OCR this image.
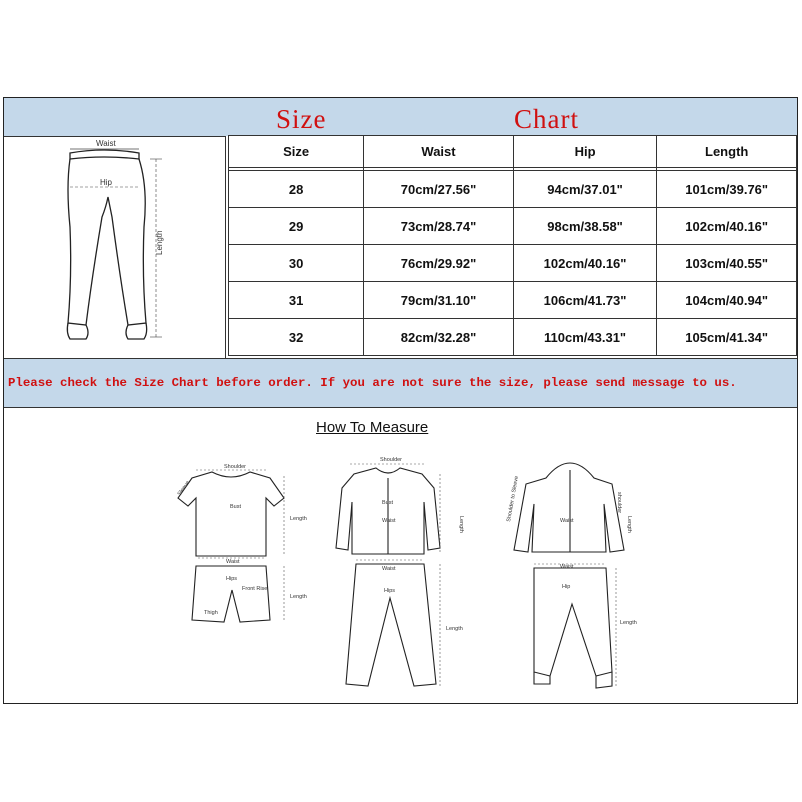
Size	Chart
Waist
Hip
Length
Size	Waist	Hip	Length

28	70cm/27.56"	94cm/37.01"	101cm/39.76"
29	73cm/28.74"	98cm/38.58"	102cm/40.16"
30	76cm/29.92"	102cm/40.16"	103cm/40.55"
31	79cm/31.10"	106cm/41.73"	104cm/40.94"
32	82cm/32.28"	110cm/43.31"	105cm/41.34"
Please check the Size Chart before order. If you are not sure the size, please send message to us.
How To Measure
Shoulder
Bust
Length
Waist
Hips
Front Rise
Thigh
Length
Shoulder
Bust
Waist
Waist
Hips
Length
Waist
Waist
Hip
Length
Sleeve
Length
Shoulder to Sleeve
Length
shoulder
